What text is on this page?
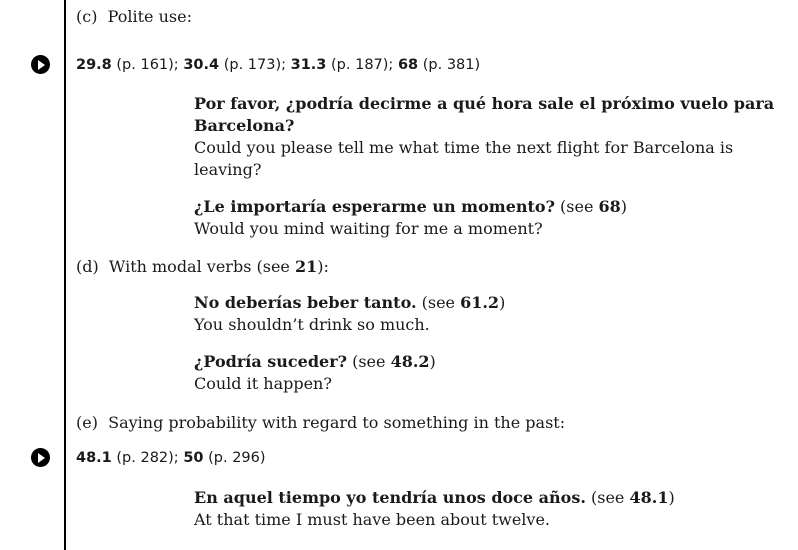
(c) Polite use:
29.8 (p. 161); 30.4 (p. 173); 31.3 (p. 187); 68 (p. 381)
Por favor, ¿podría decirme a qué hora sale el próximo vuelo para
Barcelona?
Could you please tell me what time the next flight for Barcelona is
leaving?
¿Le importaría esperarme un momento? (see 68)
Would you mind waiting for me a moment?
(d) With modal verbs (see 21):
No deberías beber tanto. (see 61.2)
You shouldn’t drink so much.
¿Podría suceder? (see 48.2)
Could it happen?
(e) Saying probability with regard to something in the past:
48.1 (p. 282); 50 (p. 296)
En aquel tiempo yo tendría unos doce años. (see 48.1)
At that time I must have been about twelve.
